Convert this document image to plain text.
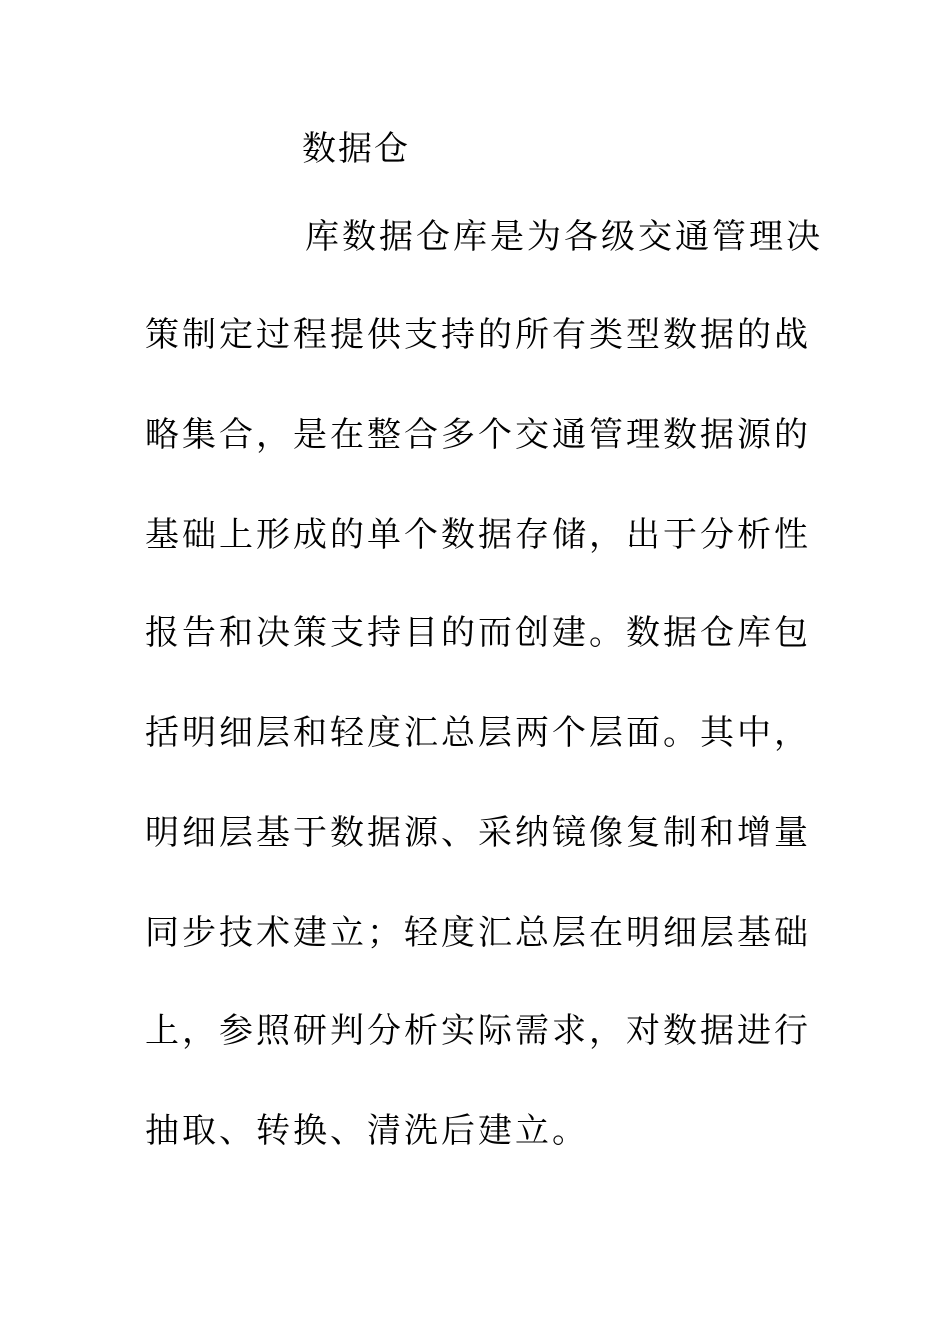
数据仓
库数据仓库是为各级交通管理决
策制定过程提供支持的所有类型数据的战
略集合，是在整合多个交通管理数据源的
基础上形成的单个数据存储，出于分析性
报告和决策支持目的而创建。数据仓库包
括明细层和轻度汇总层两个层面。其中，
明细层基于数据源、采纳镜像复制和增量
同步技术建立；轻度汇总层在明细层基础
上，参照研判分析实际需求，对数据进行
抽取、转换、清洗后建立。
